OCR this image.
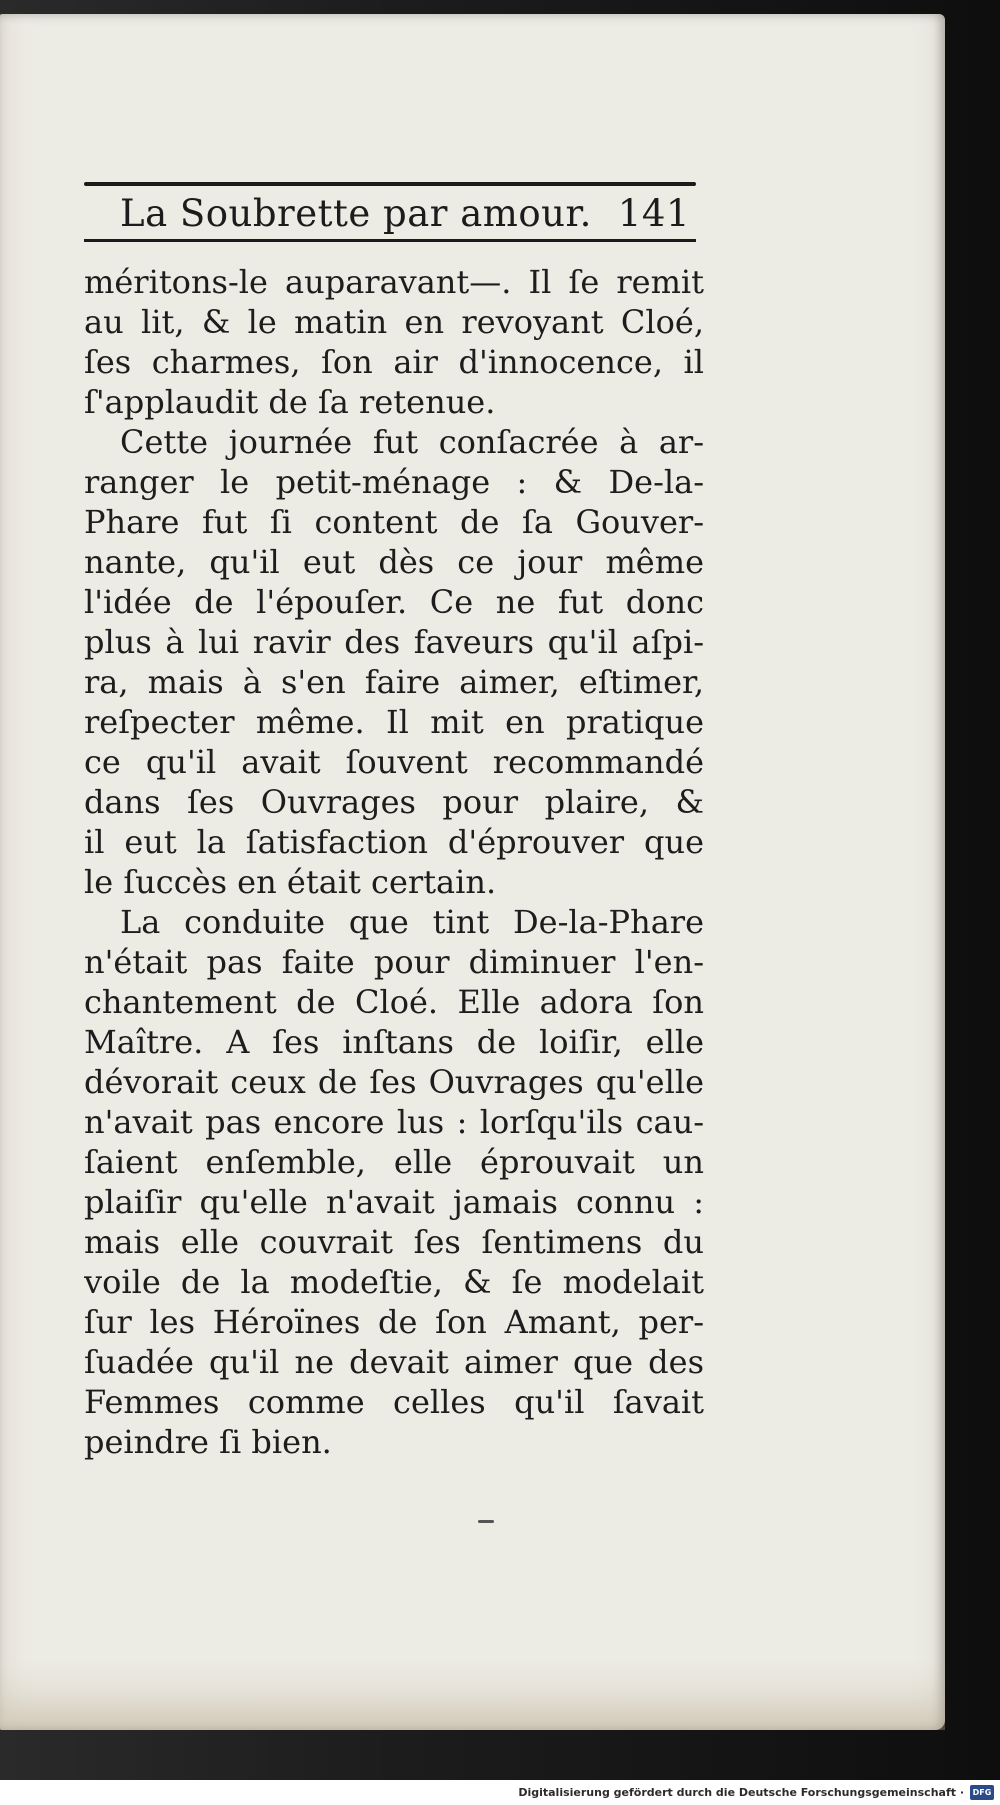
La Soubrette par amour. 141
méritons-le auparavant—. Il ſe remit
au lit, & le matin en revoyant Cloé,
ſes charmes, ſon air d'innocence, il
ſ'applaudit de ſa retenue.
Cette journée fut conſacrée à ar-
ranger le petit-ménage : & De-la-
Phare fut ſi content de ſa Gouver-
nante, qu'il eut dès ce jour même
l'idée de l'épouſer. Ce ne fut donc
plus à lui ravir des faveurs qu'il aſpi-
ra, mais à s'en faire aimer, eſtimer,
reſpecter même. Il mit en pratique
ce qu'il avait ſouvent recommandé
dans ſes Ouvrages pour plaire, &
il eut la ſatisfaction d'éprouver que
le ſuccès en était certain.
La conduite que tint De-la-Phare
n'était pas faite pour diminuer l'en-
chantement de Cloé. Elle adora ſon
Maître. A ſes inſtans de loiſir, elle
dévorait ceux de ſes Ouvrages qu'elle
n'avait pas encore lus : lorſqu'ils cau-
ſaient enſemble, elle éprouvait un
plaiſir qu'elle n'avait jamais connu :
mais elle couvrait ſes ſentimens du
voile de la modeſtie, & ſe modelait
ſur les Héroïnes de ſon Amant, per-
ſuadée qu'il ne devait aimer que des
Femmes comme celles qu'il ſavait
peindre ſi bien.
Digitalisierung gefördert durch die Deutsche Forschungsgemeinschaft ·	DFG
